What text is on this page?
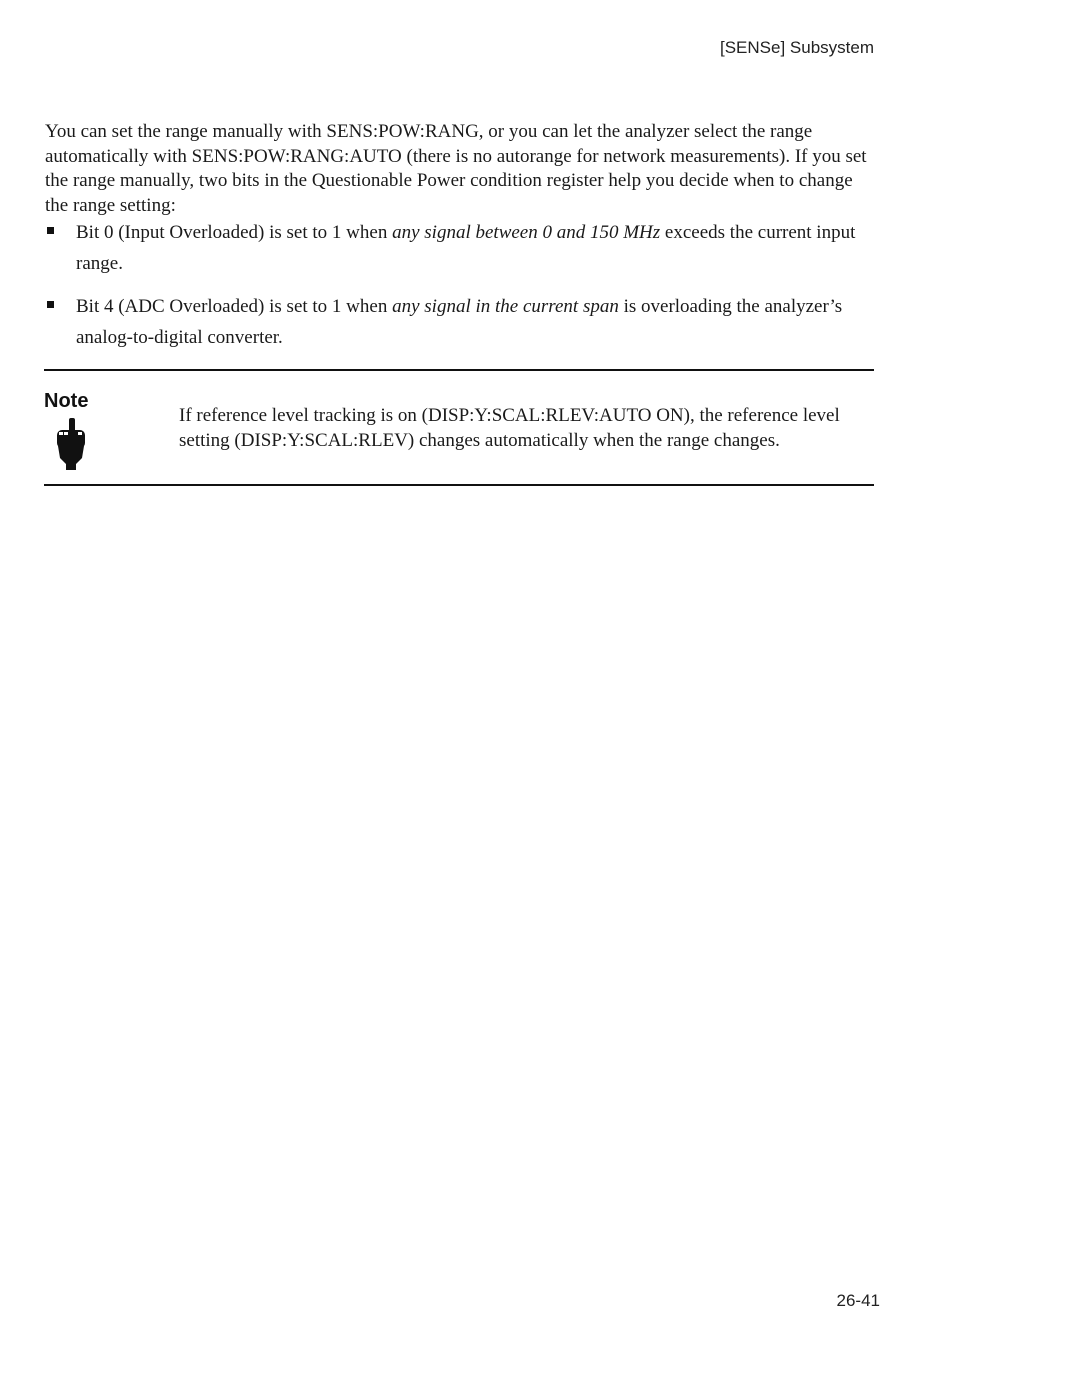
[SENSe] Subsystem

You can set the range manually with SENS:POW:RANG, or you can let the analyzer select the range automatically with SENS:POW:RANG:AUTO (there is no autorange for network measurements). If you set the range manually, two bits in the Questionable Power condition register help you decide when to change the range setting:

Bit 0 (Input Overloaded) is set to 1 when any signal between 0 and 150 MHz exceeds the current input range.
Bit 4 (ADC Overloaded) is set to 1 when any signal in the current span is overloading the analyzer’s analog-to-digital converter.
Note

If reference level tracking is on (DISP:Y:SCAL:RLEV:AUTO ON), the reference level setting (DISP:Y:SCAL:RLEV) changes automatically when the range changes.

26-41
